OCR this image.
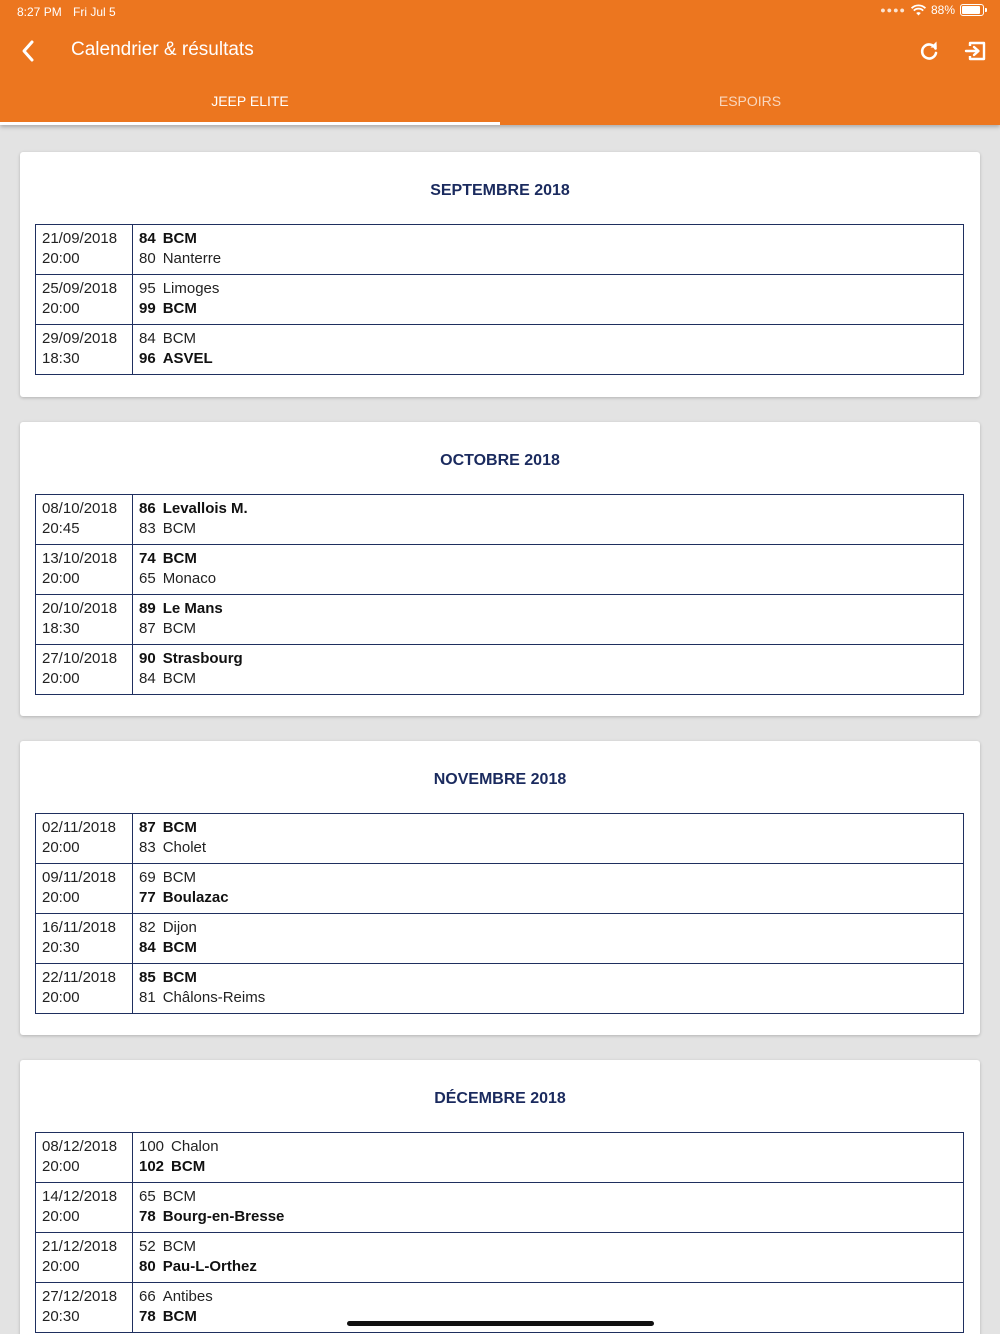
8:27 PM Fri Jul 5	●●●● 88%
Calendrier & résultats
JEEP ELITE	ESPOIRS
SEPTEMBRE 2018
21/09/2018
20:00	84 BCM
80 Nanterre

25/09/2018
20:00	95 Limoges
99 BCM

29/09/2018
18:30	84 BCM
96 ASVEL
OCTOBRE 2018
08/10/2018
20:45	86 Levallois M.
83 BCM

13/10/2018
20:00	74 BCM
65 Monaco

20/10/2018
18:30	89 Le Mans
87 BCM

27/10/2018
20:00	90 Strasbourg
84 BCM
NOVEMBRE 2018
02/11/2018
20:00	87 BCM
83 Cholet

09/11/2018
20:00	69 BCM
77 Boulazac

16/11/2018
20:30	82 Dijon
84 BCM

22/11/2018
20:00	85 BCM
81 Châlons-Reims
DÉCEMBRE 2018
08/12/2018
20:00	100 Chalon
102 BCM

14/12/2018
20:00	65 BCM
78 Bourg-en-Bresse

21/12/2018
20:00	52 BCM
80 Pau-L-Orthez

27/12/2018
20:30	66 Antibes
78 BCM
